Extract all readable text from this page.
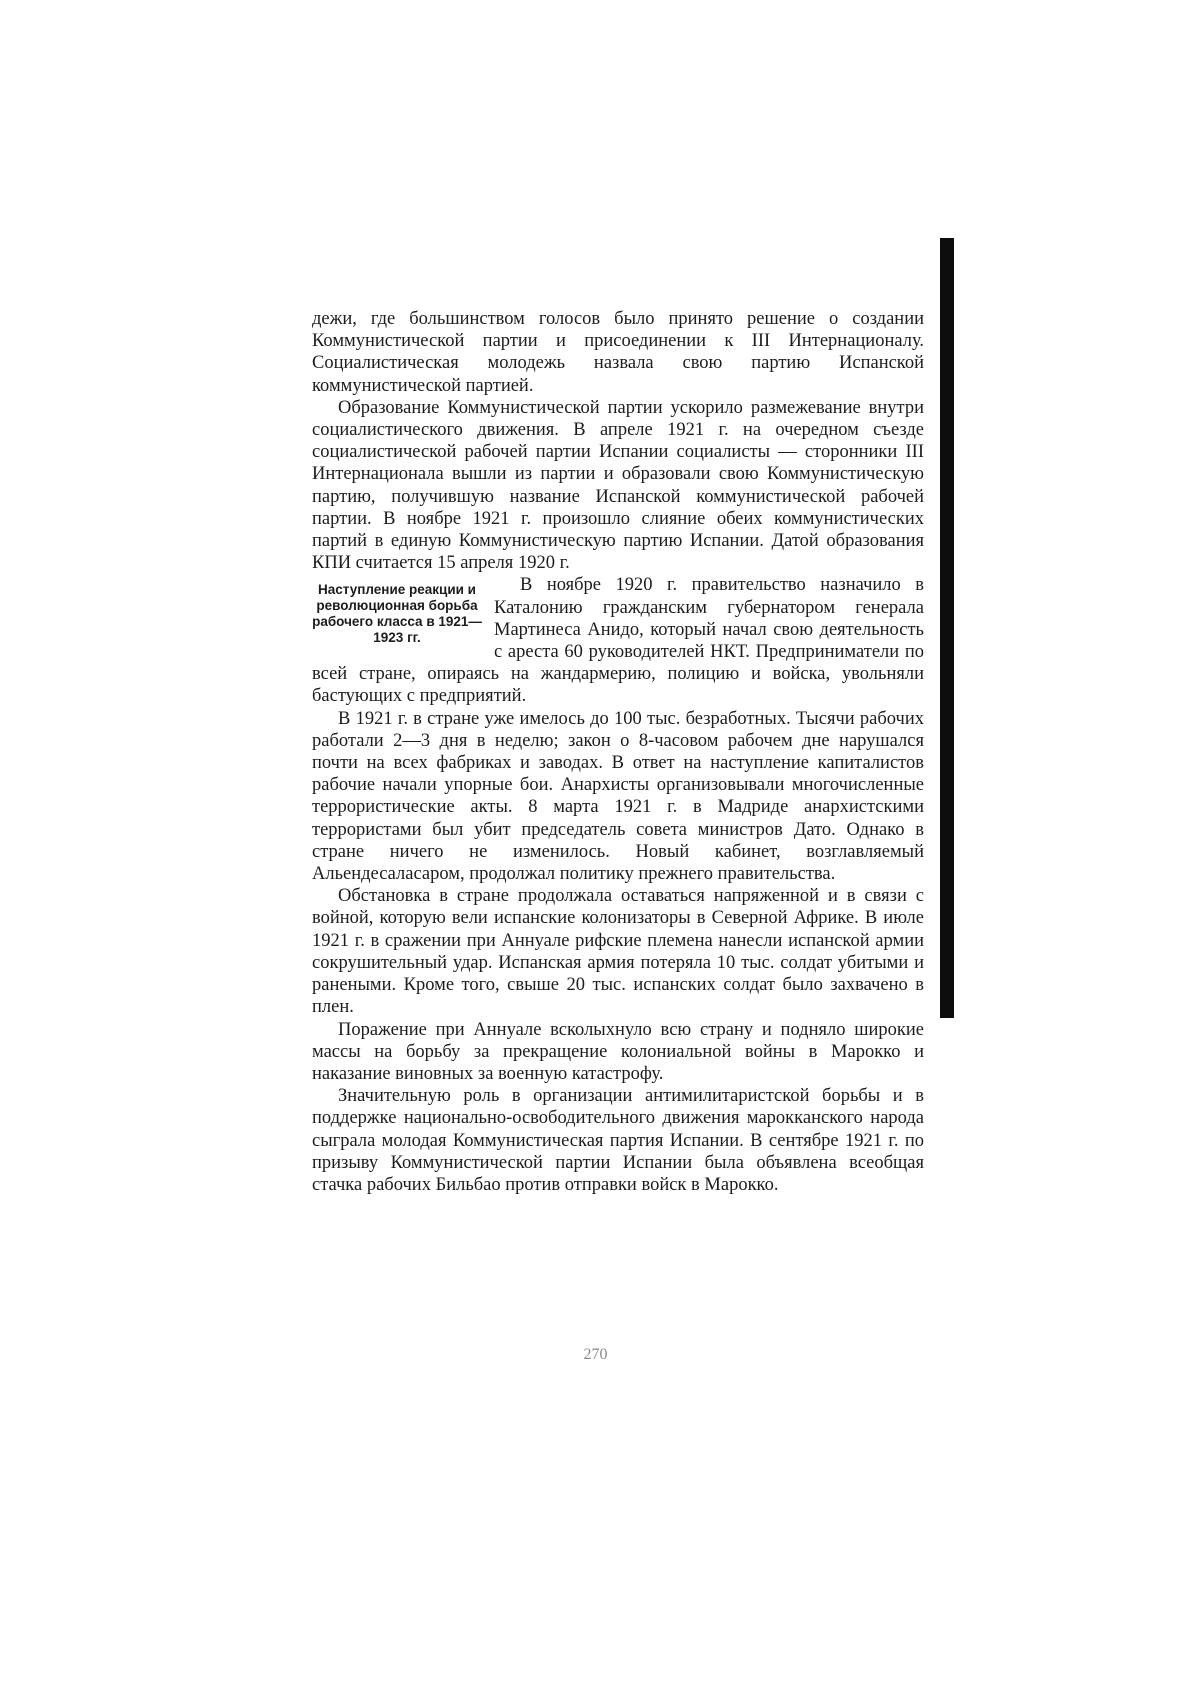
дежи, где большинством голосов было принято решение о создании Коммунистической партии и присоединении к III Интернационалу. Социалистическая молодежь назвала свою партию Испанской коммунистической партией.

Образование Коммунистической партии ускорило размежевание внутри социалистического движения. В апреле 1921 г. на очередном съезде социалистической рабочей партии Испании социалисты — сторонники III Интернационала вышли из партии и образовали свою Коммунистическую партию, получившую название Испанской коммунистической рабочей партии. В ноябре 1921 г. произошло слияние обеих коммунистических партий в единую Коммунистическую партию Испании. Датой образования КПИ считается 15 апреля 1920 г.

Наступление реакции и революционная борьба рабочего класса в 1921—1923 гг.

В ноябре 1920 г. правительство назначило в Каталонию гражданским губернатором генерала Мартинеса Анидо, который начал свою деятельность с ареста 60 руководителей НКТ. Предприниматели по всей стране, опираясь на жандармерию, полицию и войска, увольняли бастующих с предприятий.

В 1921 г. в стране уже имелось до 100 тыс. безработных. Тысячи рабочих работали 2—3 дня в неделю; закон о 8-часовом рабочем дне нарушался почти на всех фабриках и заводах. В ответ на наступление капиталистов рабочие начали упорные бои. Анархисты организовывали многочисленные террористические акты. 8 марта 1921 г. в Мадриде анархистскими террористами был убит председатель совета министров Дато. Однако в стране ничего не изменилось. Новый кабинет, возглавляемый Альендесаласаром, продолжал политику прежнего правительства.

Обстановка в стране продолжала оставаться напряженной и в связи с войной, которую вели испанские колонизаторы в Северной Африке. В июле 1921 г. в сражении при Аннуале рифские племена нанесли испанской армии сокрушительный удар. Испанская армия потеряла 10 тыс. солдат убитыми и ранеными. Кроме того, свыше 20 тыс. испанских солдат было захвачено в плен.

Поражение при Аннуале всколыхнуло всю страну и подняло широкие массы на борьбу за прекращение колониальной войны в Марокко и наказание виновных за военную катастрофу.

Значительную роль в организации антимилитаристской борьбы и в поддержке национально-освободительного движения марокканского народа сыграла молодая Коммунистическая партия Испании. В сентябре 1921 г. по призыву Коммунистической партии Испании была объявлена всеобщая стачка рабочих Бильбао против отправки войск в Марокко.

270
